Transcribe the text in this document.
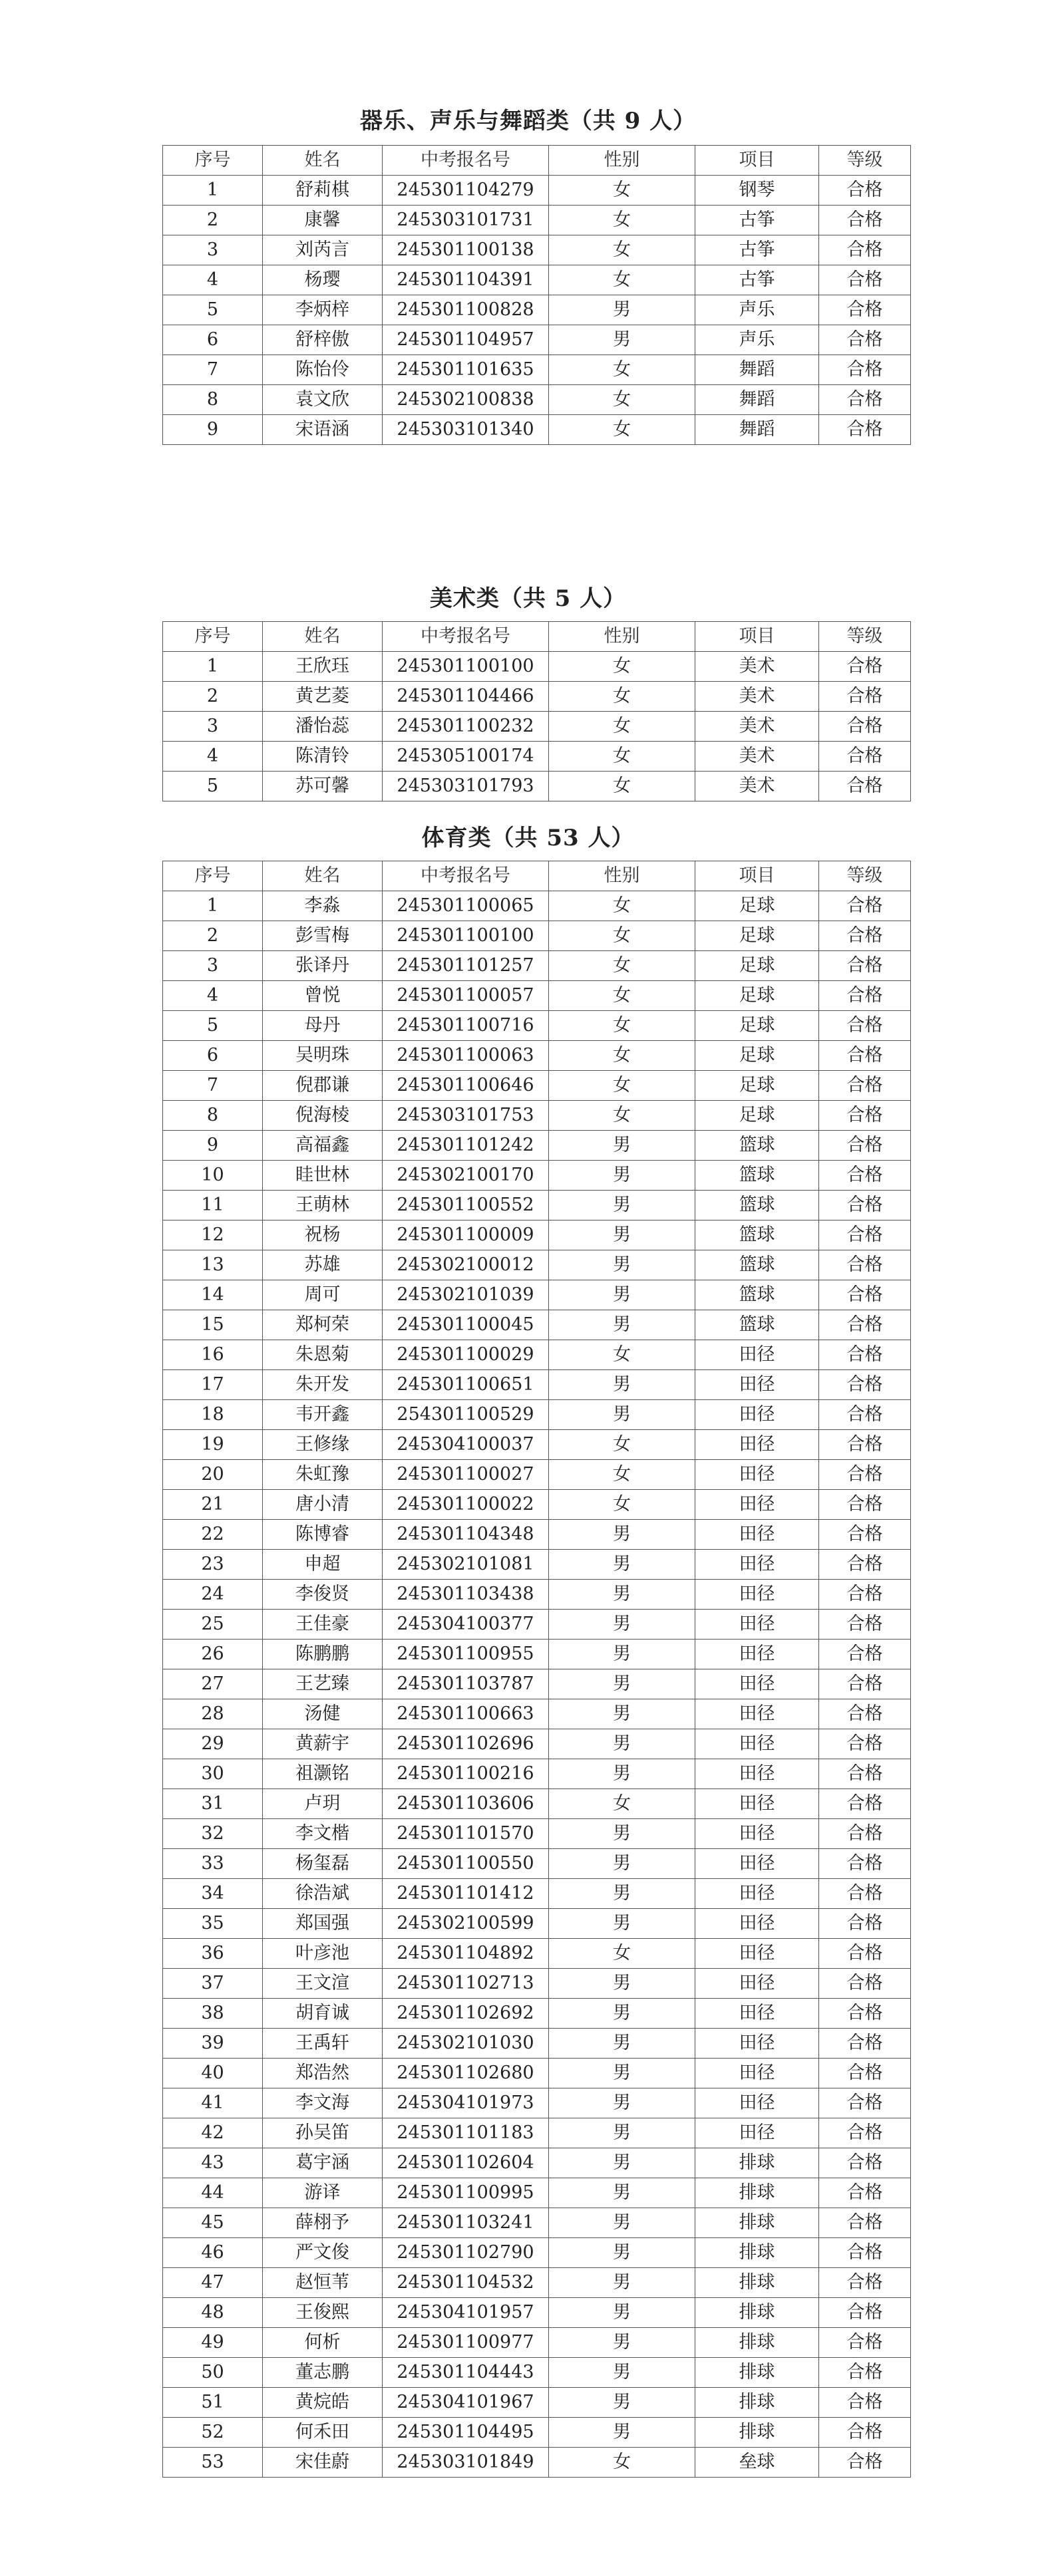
器乐、声乐与舞蹈类（共 9 人）
序号	姓名	中考报名号	性别	项目	等级
1	舒莉棋	245301104279	女	钢琴	合格
2	康馨	245303101731	女	古筝	合格
3	刘芮言	245301100138	女	古筝	合格
4	杨璎	245301104391	女	古筝	合格
5	李炳梓	245301100828	男	声乐	合格
6	舒梓傲	245301104957	男	声乐	合格
7	陈怡伶	245301101635	女	舞蹈	合格
8	袁文欣	245302100838	女	舞蹈	合格
9	宋语涵	245303101340	女	舞蹈	合格
美术类（共 5 人）
序号	姓名	中考报名号	性别	项目	等级
1	王欣珏	245301100100	女	美术	合格
2	黄艺菱	245301104466	女	美术	合格
3	潘怡蕊	245301100232	女	美术	合格
4	陈清铃	245305100174	女	美术	合格
5	苏可馨	245303101793	女	美术	合格
体育类（共 53 人）
序号	姓名	中考报名号	性别	项目	等级
1	李淼	245301100065	女	足球	合格
2	彭雪梅	245301100100	女	足球	合格
3	张译丹	245301101257	女	足球	合格
4	曾悦	245301100057	女	足球	合格
5	母丹	245301100716	女	足球	合格
6	吴明珠	245301100063	女	足球	合格
7	倪郡谦	245301100646	女	足球	合格
8	倪海棱	245303101753	女	足球	合格
9	高福鑫	245301101242	男	篮球	合格
10	眭世林	245302100170	男	篮球	合格
11	王萌林	245301100552	男	篮球	合格
12	祝杨	245301100009	男	篮球	合格
13	苏雄	245302100012	男	篮球	合格
14	周可	245302101039	男	篮球	合格
15	郑柯荣	245301100045	男	篮球	合格
16	朱恩菊	245301100029	女	田径	合格
17	朱开发	245301100651	男	田径	合格
18	韦开鑫	254301100529	男	田径	合格
19	王修缘	245304100037	女	田径	合格
20	朱虹豫	245301100027	女	田径	合格
21	唐小清	245301100022	女	田径	合格
22	陈博睿	245301104348	男	田径	合格
23	申超	245302101081	男	田径	合格
24	李俊贤	245301103438	男	田径	合格
25	王佳豪	245304100377	男	田径	合格
26	陈鹏鹏	245301100955	男	田径	合格
27	王艺臻	245301103787	男	田径	合格
28	汤健	245301100663	男	田径	合格
29	黄薪宇	245301102696	男	田径	合格
30	祖灏铭	245301100216	男	田径	合格
31	卢玥	245301103606	女	田径	合格
32	李文楷	245301101570	男	田径	合格
33	杨玺磊	245301100550	男	田径	合格
34	徐浩斌	245301101412	男	田径	合格
35	郑国强	245302100599	男	田径	合格
36	叶彦池	245301104892	女	田径	合格
37	王文渲	245301102713	男	田径	合格
38	胡育诚	245301102692	男	田径	合格
39	王禹轩	245302101030	男	田径	合格
40	郑浩然	245301102680	男	田径	合格
41	李文海	245304101973	男	田径	合格
42	孙吴笛	245301101183	男	田径	合格
43	葛宇涵	245301102604	男	排球	合格
44	游译	245301100995	男	排球	合格
45	薛栩予	245301103241	男	排球	合格
46	严文俊	245301102790	男	排球	合格
47	赵恒苇	245301104532	男	排球	合格
48	王俊熙	245304101957	男	排球	合格
49	何析	245301100977	男	排球	合格
50	董志鹏	245301104443	男	排球	合格
51	黄烷皓	245304101967	男	排球	合格
52	何禾田	245301104495	男	排球	合格
53	宋佳蔚	245303101849	女	垒球	合格
